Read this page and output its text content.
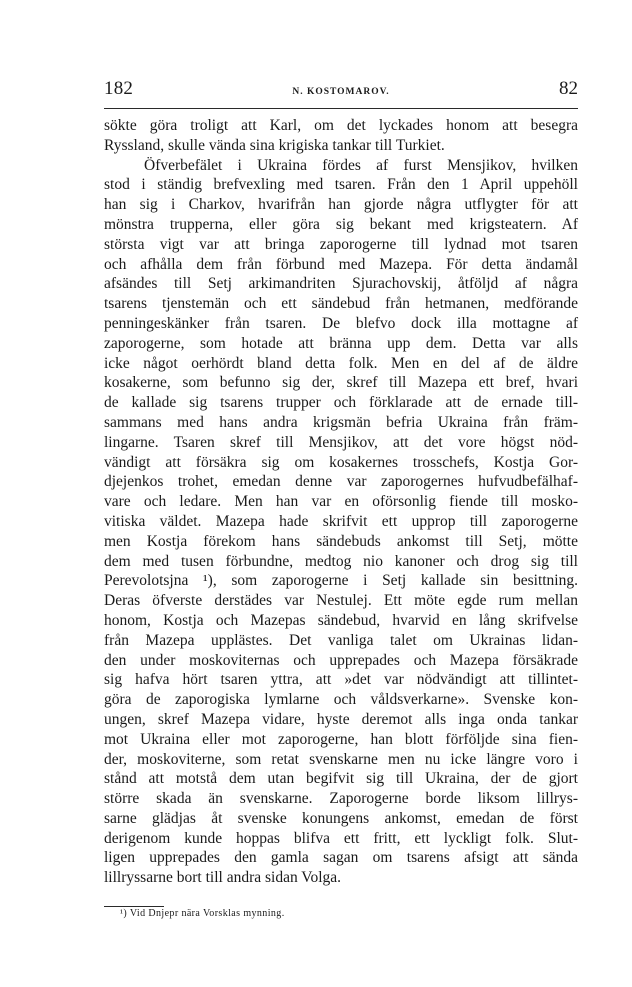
182	N. KOSTOMAROV.	82
sökte göra troligt att Karl, om det lyckades honom att besegra
Ryssland, skulle vända sina krigiska tankar till Turkiet.
Öfverbefälet i Ukraina fördes af furst Mensjikov, hvilken
stod i ständig brefvexling med tsaren. Från den 1 April uppehöll
han sig i Charkov, hvarifrån han gjorde några utflygter för att
mönstra trupperna, eller göra sig bekant med krigsteatern. Af
största vigt var att bringa zaporogerne till lydnad mot tsaren
och afhålla dem från förbund med Mazepa. För detta ändamål
afsändes till Setj arkimandriten Sjurachovskij, åtföljd af några
tsarens tjenstemän och ett sändebud från hetmanen, medförande
penningeskänker från tsaren. De blefvo dock illa mottagne af
zaporogerne, som hotade att bränna upp dem. Detta var alls
icke något oerhördt bland detta folk. Men en del af de äldre
kosakerne, som befunno sig der, skref till Mazepa ett bref, hvari
de kallade sig tsarens trupper och förklarade att de ernade till-
sammans med hans andra krigsmän befria Ukraina från främ-
lingarne. Tsaren skref till Mensjikov, att det vore högst nöd-
vändigt att försäkra sig om kosakernes trosschefs, Kostja Gor-
djejenkos trohet, emedan denne var zaporogernes hufvudbefälhaf-
vare och ledare. Men han var en oförsonlig fiende till mosko-
vitiska väldet. Mazepa hade skrifvit ett upprop till zaporogerne
men Kostja förekom hans sändebuds ankomst till Setj, mötte
dem med tusen förbundne, medtog nio kanoner och drog sig till
Perevolotsjna ¹), som zaporogerne i Setj kallade sin besittning.
Deras öfverste derstädes var Nestulej. Ett möte egde rum mellan
honom, Kostja och Mazepas sändebud, hvarvid en lång skrifvelse
från Mazepa upplästes. Det vanliga talet om Ukrainas lidan-
den under moskoviternas och upprepades och Mazepa försäkrade
sig hafva hört tsaren yttra, att »det var nödvändigt att tillintet-
göra de zaporogiska lymlarne och våldsverkarne». Svenske kon-
ungen, skref Mazepa vidare, hyste deremot alls inga onda tankar
mot Ukraina eller mot zaporogerne, han blott förföljde sina fien-
der, moskoviterne, som retat svenskarne men nu icke längre voro i
stånd att motstå dem utan begifvit sig till Ukraina, der de gjort
större skada än svenskarne. Zaporogerne borde liksom lillrys-
sarne glädjas åt svenske konungens ankomst, emedan de först
derigenom kunde hoppas blifva ett fritt, ett lyckligt folk. Slut-
ligen upprepades den gamla sagan om tsarens afsigt att sända
lillryssarne bort till andra sidan Volga.
¹) Vid Dnjepr nära Vorsklas mynning.
